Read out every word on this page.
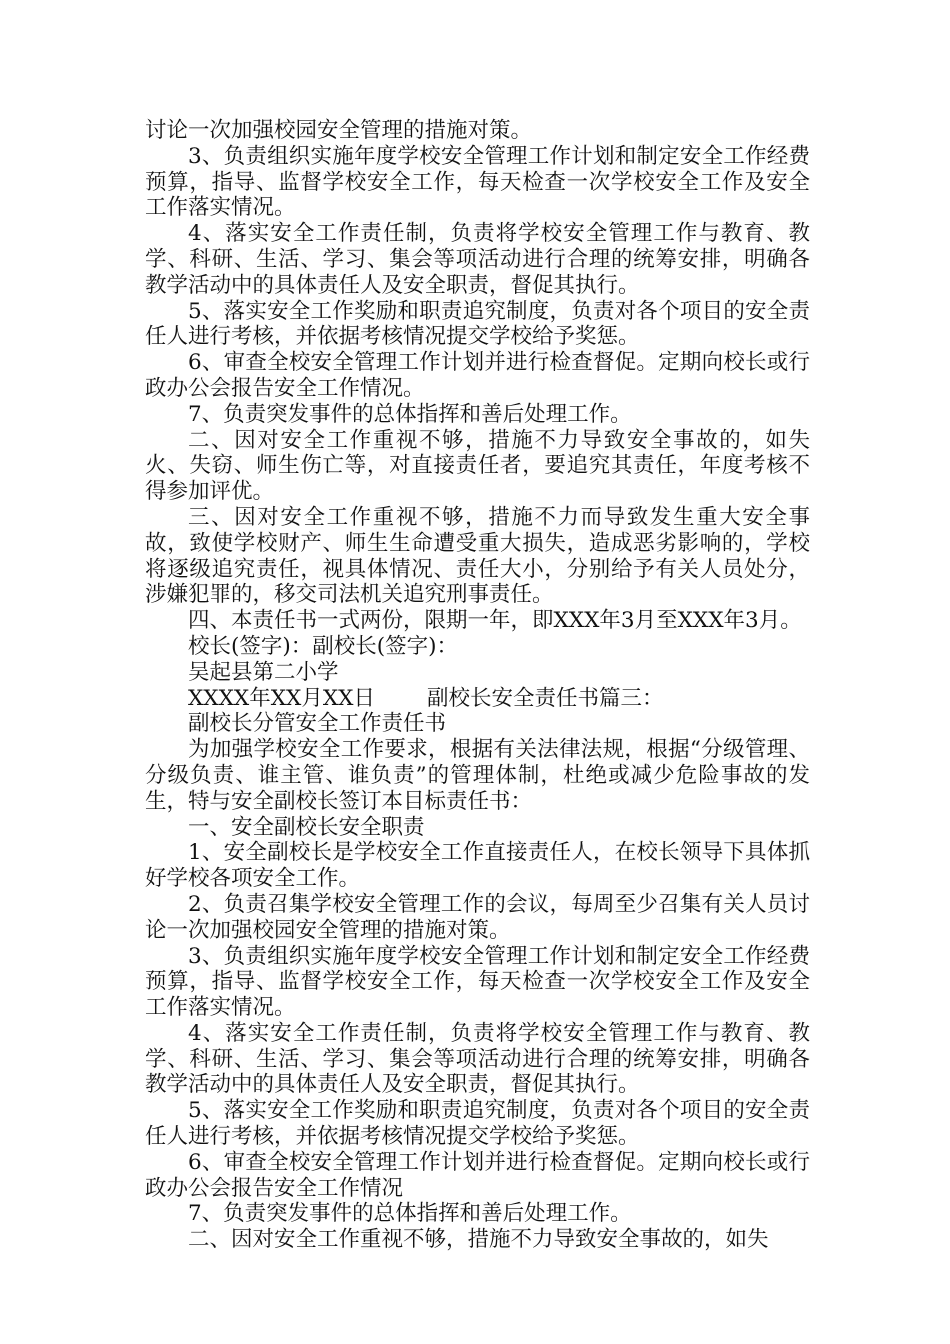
讨论一次加强校园安全管理的措施对策。

3、负责组织实施年度学校安全管理工作计划和制定安全工作经费预算，指导、监督学校安全工作，每天检查一次学校安全工作及安全工作落实情况。

4、落实安全工作责任制，负责将学校安全管理工作与教育、教学、科研、生活、学习、集会等项活动进行合理的统筹安排，明确各教学活动中的具体责任人及安全职责，督促其执行。

5、落实安全工作奖励和职责追究制度，负责对各个项目的安全责任人进行考核，并依据考核情况提交学校给予奖惩。

6、审查全校安全管理工作计划并进行检查督促。定期向校长或行政办公会报告安全工作情况。

7、负责突发事件的总体指挥和善后处理工作。

二、因对安全工作重视不够，措施不力导致安全事故的，如失火、失窃、师生伤亡等，对直接责任者，要追究其责任，年度考核不得参加评优。

三、因对安全工作重视不够，措施不力而导致发生重大安全事故，致使学校财产、师生生命遭受重大损失，造成恶劣影响的，学校将逐级追究责任，视具体情况、责任大小，分别给予有关人员处分，涉嫌犯罪的，移交司法机关追究刑事责任。

四、本责任书一式两份，限期一年，即XXX年3月至XXX年3月。

校长(签字)：副校长(签字)：

吴起县第二小学

XXXX年XX月XX日 副校长安全责任书篇三：

副校长分管安全工作责任书

为加强学校安全工作要求，根据有关法律法规，根据“分级管理、分级负责、谁主管、谁负责”的管理体制，杜绝或减少危险事故的发生，特与安全副校长签订本目标责任书：

一、安全副校长安全职责

1、安全副校长是学校安全工作直接责任人，在校长领导下具体抓好学校各项安全工作。

2、负责召集学校安全管理工作的会议，每周至少召集有关人员讨论一次加强校园安全管理的措施对策。

3、负责组织实施年度学校安全管理工作计划和制定安全工作经费预算，指导、监督学校安全工作，每天检查一次学校安全工作及安全工作落实情况。

4、落实安全工作责任制，负责将学校安全管理工作与教育、教学、科研、生活、学习、集会等项活动进行合理的统筹安排，明确各教学活动中的具体责任人及安全职责，督促其执行。

5、落实安全工作奖励和职责追究制度，负责对各个项目的安全责任人进行考核，并依据考核情况提交学校给予奖惩。

6、审查全校安全管理工作计划并进行检查督促。定期向校长或行政办公会报告安全工作情况

7、负责突发事件的总体指挥和善后处理工作。

二、因对安全工作重视不够，措施不力导致安全事故的，如失
